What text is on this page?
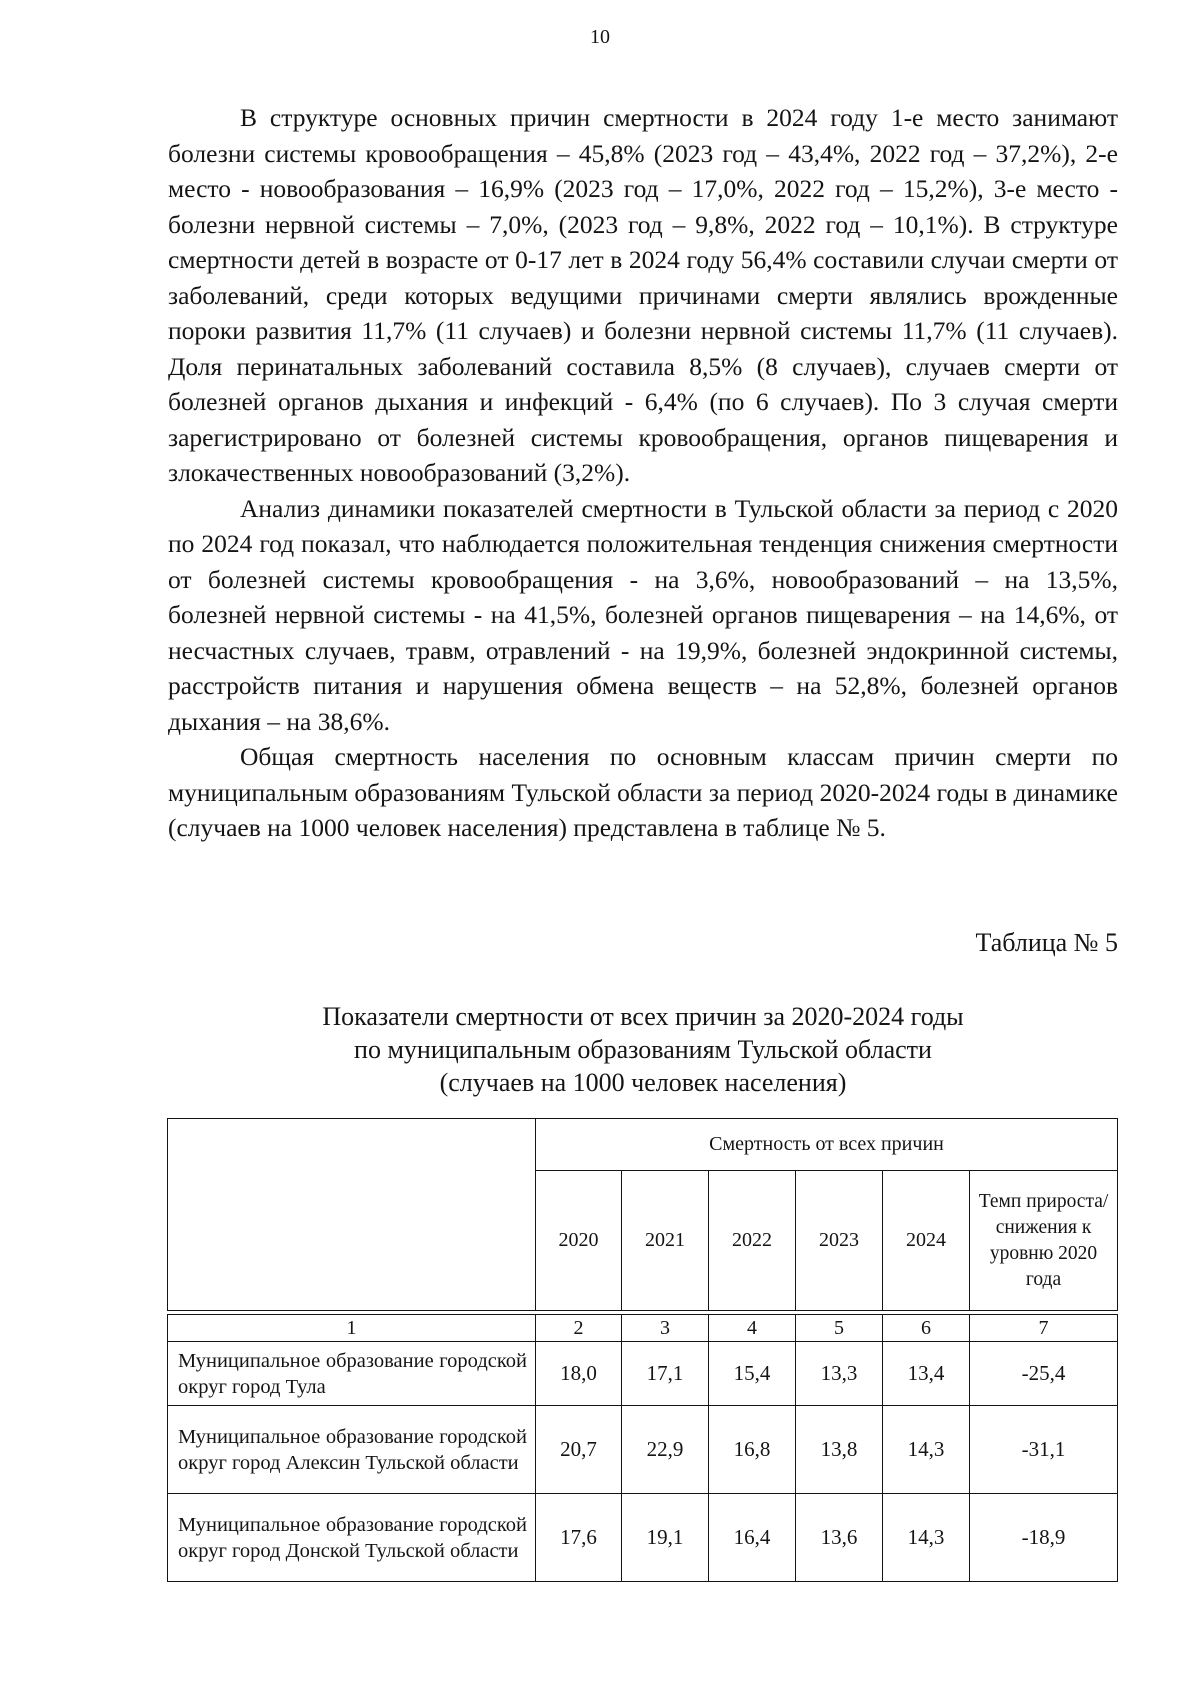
10

В структуре основных причин смертности в 2024 году 1-е место занимают болезни системы кровообращения – 45,8% (2023 год – 43,4%, 2022 год – 37,2%), 2-е место - новообразования – 16,9% (2023 год – 17,0%, 2022 год – 15,2%), 3-е место - болезни нервной системы – 7,0%, (2023 год – 9,8%, 2022 год – 10,1%). В структуре смертности детей в возрасте от 0-17 лет в 2024 году 56,4% составили случаи смерти от заболеваний, среди которых ведущими причинами смерти являлись врожденные пороки развития 11,7% (11 случаев) и болезни нервной системы 11,7% (11 случаев). Доля перинатальных заболеваний составила 8,5% (8 случаев), случаев смерти от болезней органов дыхания и инфекций - 6,4% (по 6 случаев). По 3 случая смерти зарегистрировано от болезней системы кровообращения, органов пищеварения и злокачественных новообразований (3,2%).

Анализ динамики показателей смертности в Тульской области за период с 2020 по 2024 год показал, что наблюдается положительная тенденция снижения смертности от болезней системы кровообращения - на 3,6%, новообразований – на 13,5%, болезней нервной системы - на 41,5%, болезней органов пищеварения – на 14,6%, от несчастных случаев, травм, отравлений - на 19,9%, болезней эндокринной системы, расстройств питания и нарушения обмена веществ – на 52,8%, болезней органов дыхания – на 38,6%.

Общая смертность населения по основным классам причин смерти по муниципальным образованиям Тульской области за период 2020-2024 годы в динамике (случаев на 1000 человек населения) представлена в таблице № 5.

Таблица № 5
Показатели смертности от всех причин за 2020-2024 годы
по муниципальным образованиям Тульской области
(случаев на 1000 человек населения)
	Смертность от всех причин					
	2020	2021	2022	2023	2024	Темп прироста/ снижения к уровню 2020 года
1	2	3	4	5	6	7
Муниципальное образование городской округ город Тула	18,0	17,1	15,4	13,3	13,4	-25,4
Муниципальное образование городской округ город Алексин Тульской области	20,7	22,9	16,8	13,8	14,3	-31,1
Муниципальное образование городской округ город Донской Тульской области	17,6	19,1	16,4	13,6	14,3	-18,9
